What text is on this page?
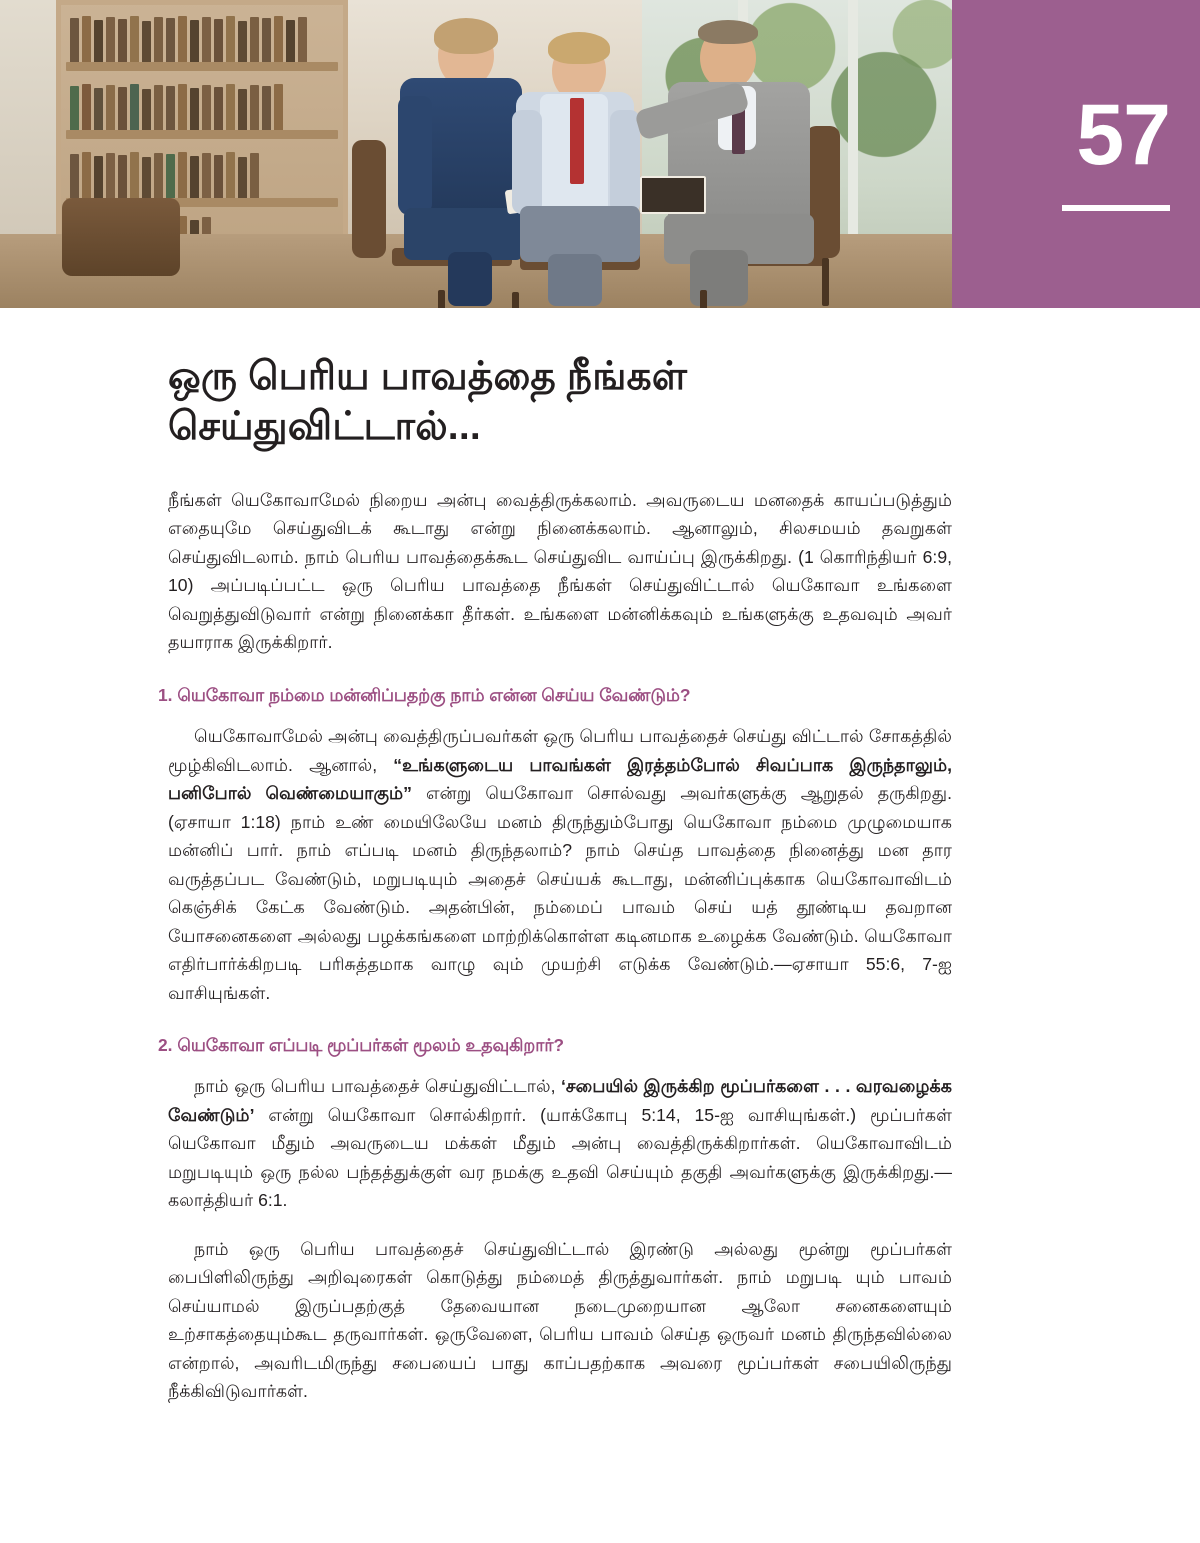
57
ஒரு பெரிய பாவத்தை நீங்கள் செய்துவிட்டால்...

நீங்கள் யெகோவாமேல் நிறைய அன்பு வைத்திருக்கலாம். அவருடைய மனதைக் காயப்படுத்தும் எதையுமே செய்துவிடக் கூடாது என்று நினைக்கலாம். ஆனாலும், சிலசமயம் தவறுகள் செய்துவிடலாம். நாம் பெரிய பாவத்தைக்கூட செய்துவிட வாய்ப்பு இருக்கிறது. (1 கொரிந்தியர் 6:9, 10) அப்படிப்பட்ட ஒரு பெரிய பாவத்தை நீங்கள் செய்துவிட்டால் யெகோவா உங்களை வெறுத்துவிடுவார் என்று நினைக்கா தீர்கள். உங்களை மன்னிக்கவும் உங்களுக்கு உதவவும் அவர் தயாராக இருக்கிறார்.

1. யெகோவா நம்மை மன்னிப்பதற்கு நாம் என்ன செய்ய வேண்டும்?

யெகோவாமேல் அன்பு வைத்திருப்பவர்கள் ஒரு பெரிய பாவத்தைச் செய்து விட்டால் சோகத்தில் மூழ்கிவிடலாம். ஆனால், “உங்களுடைய பாவங்கள் இரத்தம்போல் சிவப்பாக இருந்தாலும், பனிபோல் வெண்மையாகும்” என்று யெகோவா சொல்வது அவர்களுக்கு ஆறுதல் தருகிறது. (ஏசாயா 1:18) நாம் உண் மையிலேயே மனம் திருந்தும்போது யெகோவா நம்மை முழுமையாக மன்னிப் பார். நாம் எப்படி மனம் திருந்தலாம்? நாம் செய்த பாவத்தை நினைத்து மன தார வருத்தப்பட வேண்டும், மறுபடியும் அதைச் செய்யக் கூடாது, மன்னிப்புக்காக யெகோவாவிடம் கெஞ்சிக் கேட்க வேண்டும். அதன்பின், நம்மைப் பாவம் செய் யத் தூண்டிய தவறான யோசனைகளை அல்லது பழக்கங்களை மாற்றிக்கொள்ள கடினமாக உழைக்க வேண்டும். யெகோவா எதிர்பார்க்கிறபடி பரிசுத்தமாக வாழு வும் முயற்சி எடுக்க வேண்டும்.—ஏசாயா 55:6, 7-ஐ வாசியுங்கள்.

2. யெகோவா எப்படி மூப்பர்கள் மூலம் உதவுகிறார்?

நாம் ஒரு பெரிய பாவத்தைச் செய்துவிட்டால், ‘சபையில் இருக்கிற மூப்பர்களை . . . வரவழைக்க வேண்டும்’ என்று யெகோவா சொல்கிறார். (யாக்கோபு 5:14, 15-ஐ வாசியுங்கள்.) மூப்பர்கள் யெகோவா மீதும் அவருடைய மக்கள் மீதும் அன்பு வைத்திருக்கிறார்கள். யெகோவாவிடம் மறுபடியும் ஒரு நல்ல பந்தத்துக்குள் வர நமக்கு உதவி செய்யும் தகுதி அவர்களுக்கு இருக்கிறது.—கலாத்தியர் 6:1.

நாம் ஒரு பெரிய பாவத்தைச் செய்துவிட்டால் இரண்டு அல்லது மூன்று மூப்பர்கள் பைபிளிலிருந்து அறிவுரைகள் கொடுத்து நம்மைத் திருத்துவார்கள். நாம் மறுபடி யும் பாவம் செய்யாமல் இருப்பதற்குத் தேவையான நடைமுறையான ஆலோ சனைகளையும் உற்சாகத்தையும்கூட தருவார்கள். ஒருவேளை, பெரிய பாவம் செய்த ஒருவர் மனம் திருந்தவில்லை என்றால், அவரிடமிருந்து சபையைப் பாது காப்பதற்காக அவரை மூப்பர்கள் சபையிலிருந்து நீக்கிவிடுவார்கள்.
